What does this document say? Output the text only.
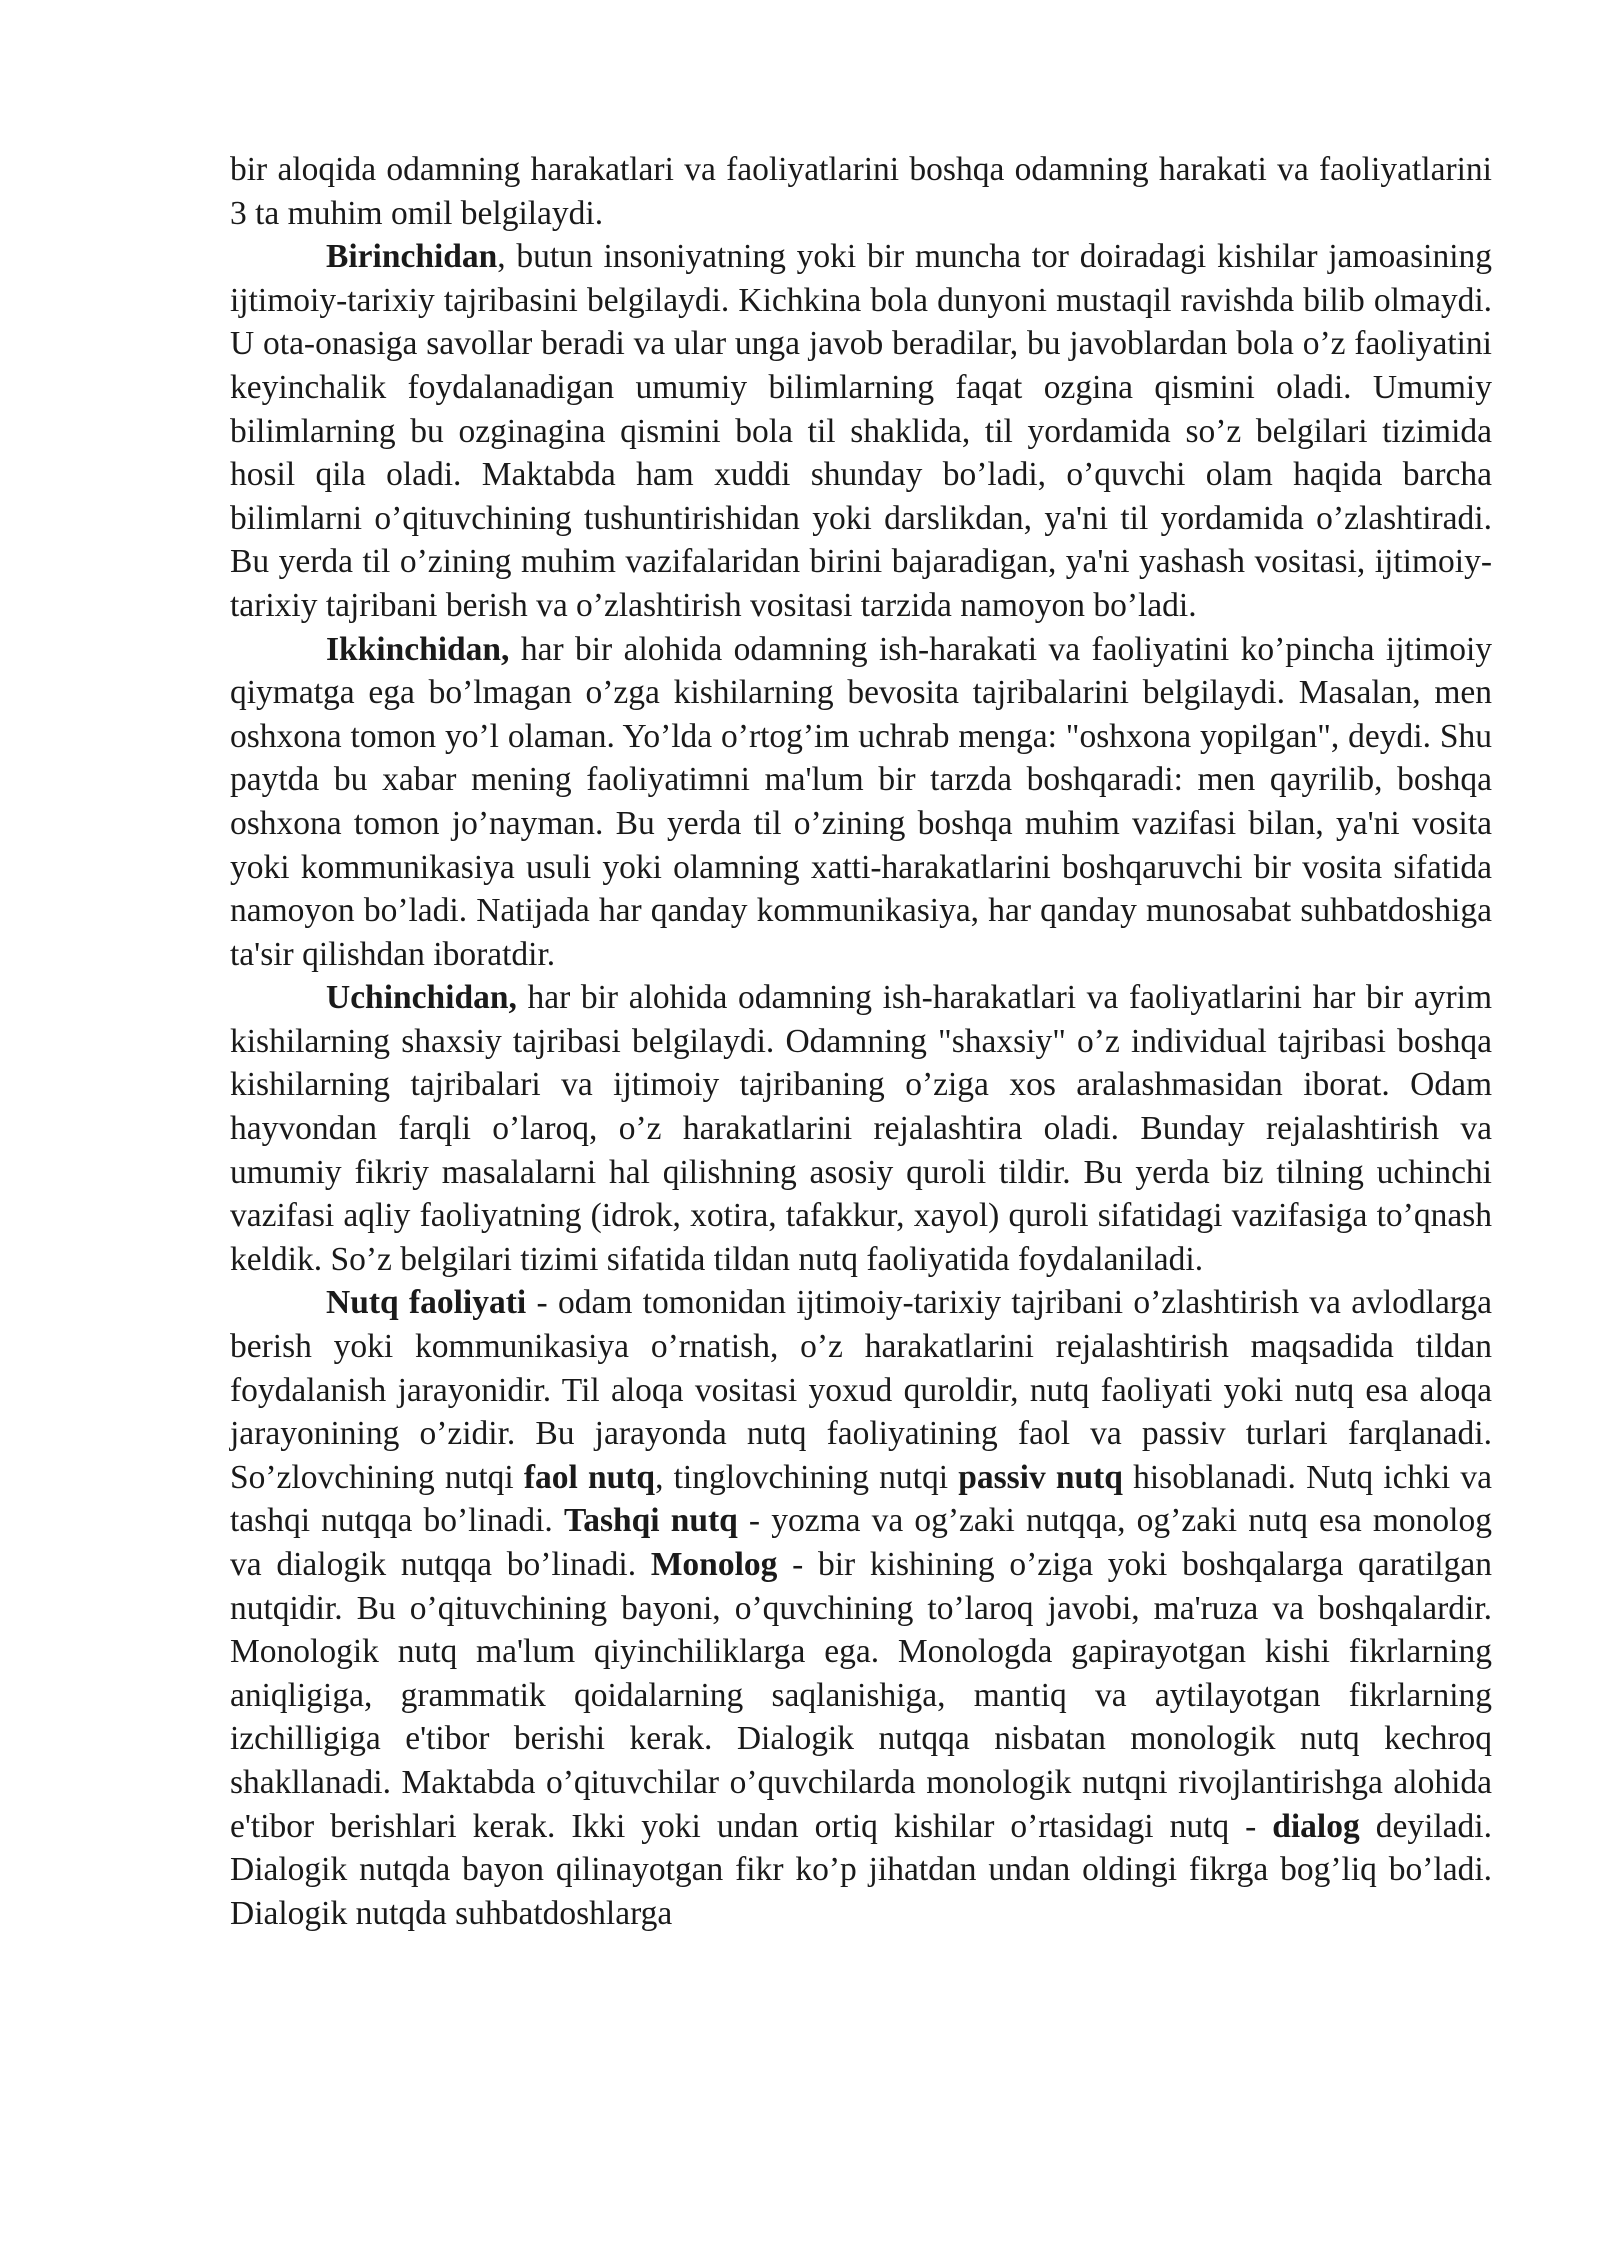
bir aloqida odamning harakatlari va faoliyatlarini boshqa odamning harakati va faoliyatlarini 3 ta muhim omil belgilaydi.

Birinchidan, butun insoniyatning yoki bir muncha tor doiradagi kishilar jamoasining ijtimoiy-tarixiy tajribasini belgilaydi. Kichkina bola dunyoni mustaqil ravishda bilib olmaydi. U ota-onasiga savollar beradi va ular unga javob beradilar, bu javoblardan bola o’z faoliyatini keyinchalik foydalanadigan umumiy bilimlarning faqat ozgina qismini oladi. Umumiy bilimlarning bu ozginagina qismini bola til shaklida, til yordamida so’z belgilari tizimida hosil qila oladi. Maktabda ham xuddi shunday bo’ladi, o’quvchi olam haqida barcha bilimlarni o’qituvchining tushuntirishidan yoki darslikdan, ya'ni til yordamida o’zlashtiradi. Bu yerda til o’zining muhim vazifalaridan birini bajaradigan, ya'ni yashash vositasi, ijtimoiy-tarixiy tajribani berish va o’zlashtirish vositasi tarzida namoyon bo’ladi.

Ikkinchidan, har bir alohida odamning ish-harakati va faoliyatini ko’pincha ijtimoiy qiymatga ega bo’lmagan o’zga kishilarning bevosita tajribalarini belgilaydi. Masalan, men oshxona tomon yo’l olaman. Yo’lda o’rtog’im uchrab menga: "oshxona yopilgan", deydi. Shu paytda bu xabar mening faoliyatimni ma'lum bir tarzda boshqaradi: men qayrilib, boshqa oshxona tomon jo’nayman. Bu yerda til o’zining boshqa muhim vazifasi bilan, ya'ni vosita yoki kommunikasiya usuli yoki olamning xatti-harakatlarini boshqaruvchi bir vosita sifatida namoyon bo’ladi. Natijada har qanday kommunikasiya, har qanday munosabat suhbatdoshiga ta'sir qilishdan iboratdir.

Uchinchidan, har bir alohida odamning ish-harakatlari va faoliyatlarini har bir ayrim kishilarning shaxsiy tajribasi belgilaydi. Odamning "shaxsiy" o’z individual tajribasi boshqa kishilarning tajribalari va ijtimoiy tajribaning o’ziga xos aralashmasidan iborat. Odam hayvondan farqli o’laroq, o’z harakatlarini rejalashtira oladi. Bunday rejalashtirish va umumiy fikriy masalalarni hal qilishning asosiy quroli tildir. Bu yerda biz tilning uchinchi vazifasi aqliy faoliyatning (idrok, xotira, tafakkur, xayol) quroli sifatidagi vazifasiga to’qnash keldik. So’z belgilari tizimi sifatida tildan nutq faoliyatida foydalaniladi.

Nutq faoliyati - odam tomonidan ijtimoiy-tarixiy tajribani o’zlashtirish va avlodlarga berish yoki kommunikasiya o’rnatish, o’z harakatlarini rejalashtirish maqsadida tildan foydalanish jarayonidir. Til aloqa vositasi yoxud quroldir, nutq faoliyati yoki nutq esa aloqa jarayonining o’zidir. Bu jarayonda nutq faoliyatining faol va passiv turlari farqlanadi. So’zlovchining nutqi faol nutq, tinglovchining nutqi passiv nutq hisoblanadi. Nutq ichki va tashqi nutqqa bo’linadi. Tashqi nutq - yozma va og’zaki nutqqa, og’zaki nutq esa monolog va dialogik nutqqa bo’linadi. Monolog - bir kishining o’ziga yoki boshqalarga qaratilgan nutqidir. Bu o’qituvchining bayoni, o’quvchining to’laroq javobi, ma'ruza va boshqalardir. Monologik nutq ma'lum qiyinchiliklarga ega. Monologda gapirayotgan kishi fikrlarning aniqligiga, grammatik qoidalarning saqlanishiga, mantiq va aytilayotgan fikrlarning izchilligiga e'tibor berishi kerak. Dialogik nutqqa nisbatan monologik nutq kechroq shakllanadi. Maktabda o’qituvchilar o’quvchilarda monologik nutqni rivojlantirishga alohida e'tibor berishlari kerak. Ikki yoki undan ortiq kishilar o’rtasidagi nutq - dialog deyiladi. Dialogik nutqda bayon qilinayotgan fikr ko’p jihatdan undan oldingi fikrga bog’liq bo’ladi. Dialogik nutqda suhbatdoshlarga
